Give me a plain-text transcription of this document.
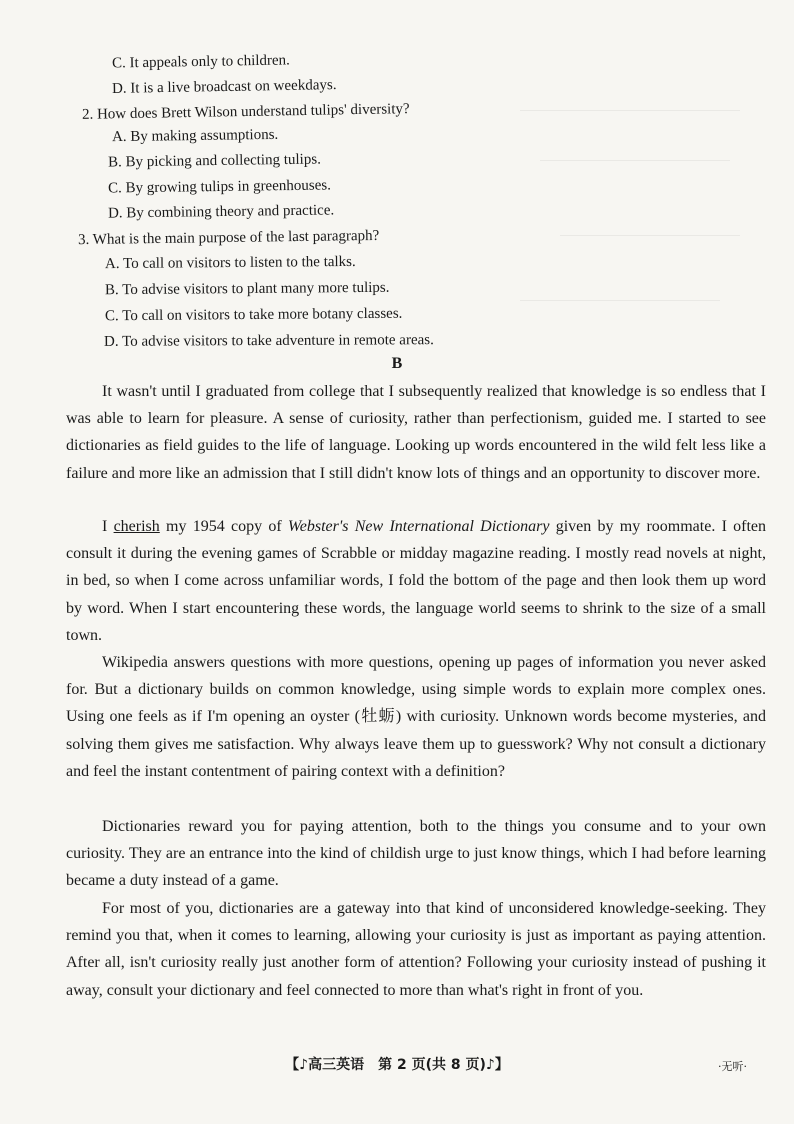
C. It appeals only to children.
D. It is a live broadcast on weekdays.
2. How does Brett Wilson understand tulips' diversity?
A. By making assumptions.
B. By picking and collecting tulips.
C. By growing tulips in greenhouses.
D. By combining theory and practice.
3. What is the main purpose of the last paragraph?
A. To call on visitors to listen to the talks.
B. To advise visitors to plant many more tulips.
C. To call on visitors to take more botany classes.
D. To advise visitors to take adventure in remote areas.
B
It wasn't until I graduated from college that I subsequently realized that knowledge is so endless that I was able to learn for pleasure. A sense of curiosity, rather than perfectionism, guided me. I started to see dictionaries as field guides to the life of language. Looking up words encountered in the wild felt less like a failure and more like an admission that I still didn't know lots of things and an opportunity to discover more.
I cherish my 1954 copy of Webster's New International Dictionary given by my roommate. I often consult it during the evening games of Scrabble or midday magazine reading. I mostly read novels at night, in bed, so when I come across unfamiliar words, I fold the bottom of the page and then look them up word by word. When I start encountering these words, the language world seems to shrink to the size of a small town.
Wikipedia answers questions with more questions, opening up pages of information you never asked for. But a dictionary builds on common knowledge, using simple words to explain more complex ones. Using one feels as if I'm opening an oyster (牡蛎) with curiosity. Unknown words become mysteries, and solving them gives me satisfaction. Why always leave them up to guesswork? Why not consult a dictionary and feel the instant contentment of pairing context with a definition?
Dictionaries reward you for paying attention, both to the things you consume and to your own curiosity. They are an entrance into the kind of childish urge to just know things, which I had before learning became a duty instead of a game.
For most of you, dictionaries are a gateway into that kind of unconsidered knowledge-seeking. They remind you that, when it comes to learning, allowing your curiosity is just as important as paying attention. After all, isn't curiosity really just another form of attention? Following your curiosity instead of pushing it away, consult your dictionary and feel connected to more than what's right in front of you.
【♪高三英语　第 2 页(共 8 页)♪】	·无听·
